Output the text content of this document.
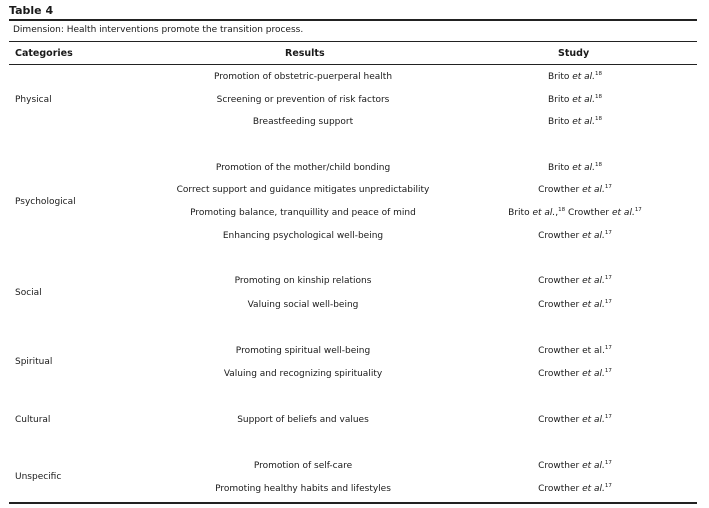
Table 4
Dimension: Health interventions promote the transition process.
Categories	Results	Study
Physical
Psychological
Social
Spiritual
Cultural
Unspecific
Promotion of obstetric-puerperal health
Screening or prevention of risk factors
Breastfeeding support
Promotion of the mother/child bonding
Correct support and guidance mitigates unpredictability
Promoting balance, tranquillity and peace of mind
Enhancing psychological well-being
Promoting on kinship relations
Valuing social well-being
Promoting spiritual well-being
Valuing and recognizing spirituality
Support of beliefs and values
Promotion of self-care
Promoting healthy habits and lifestyles
Brito et al.$^{18}$
Brito et al.$^{18}$
Brito et al.$^{18}$
Brito et al.$^{18}$
Crowther et al.$^{17}$
Brito et al.,$^{18}$ Crowther et al.$^{17}$
Crowther et al.$^{17}$
Crowther et al.$^{17}$
Crowther et al.$^{17}$
Crowther et al.$^{17}$
Crowther et al.$^{17}$
Crowther et al.$^{17}$
Crowther et al.$^{17}$
Crowther et al.$^{17}$
